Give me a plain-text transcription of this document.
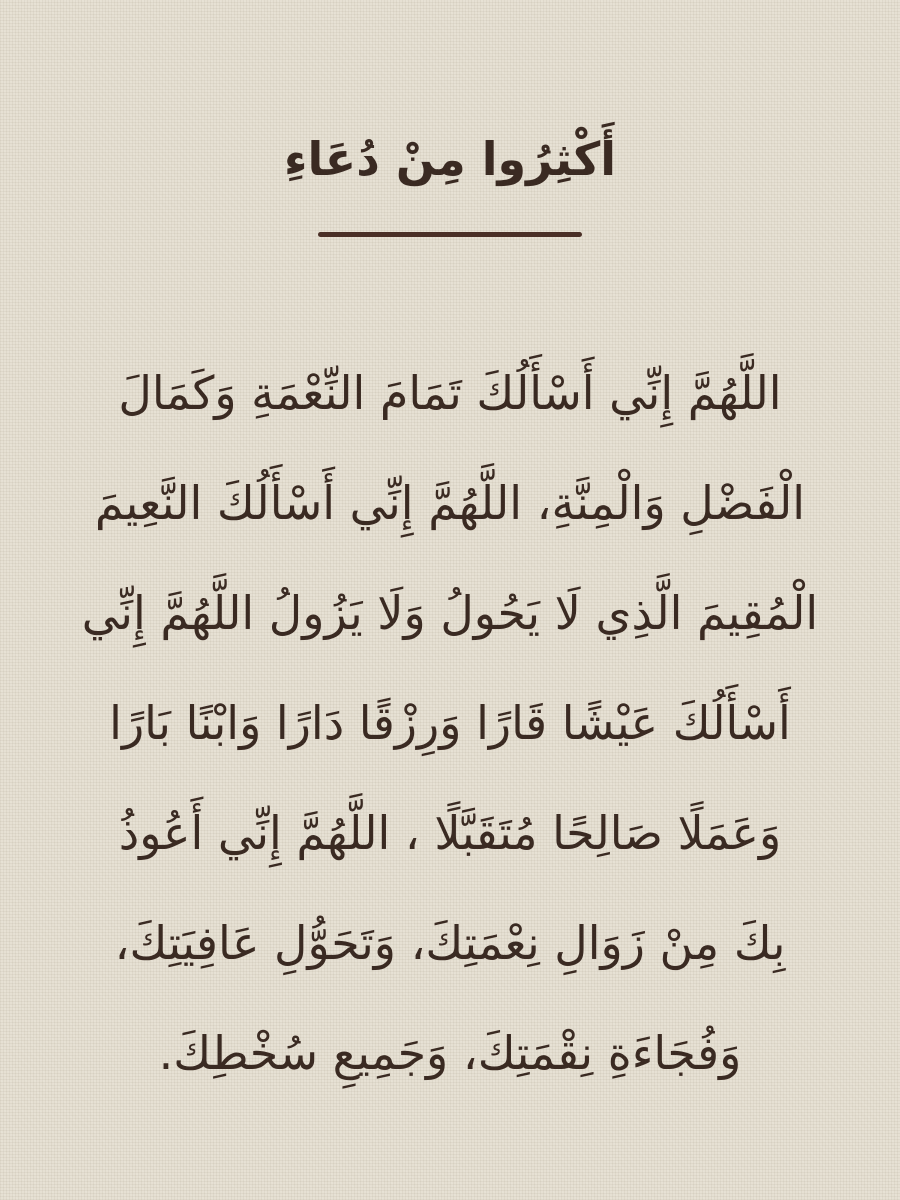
أَكْثِرُوا مِنْ دُعَاءِ
اللَّهُمَّ إِنِّي أَسْأَلُكَ تَمَامَ النِّعْمَةِ وَكَمَالَ
الْفَضْلِ وَالْمِنَّةِ، اللَّهُمَّ إِنِّي أَسْأَلُكَ النَّعِيمَ
الْمُقِيمَ الَّذِي لَا يَحُولُ وَلَا يَزُولُ اللَّهُمَّ إِنِّي
أَسْأَلُكَ عَيْشًا قَارًا وَرِزْقًا دَارًا وَابْنًا بَارًا
وَعَمَلًا صَالِحًا مُتَقَبَّلًا ، اللَّهُمَّ إِنِّي أَعُوذُ
بِكَ مِنْ زَوَالِ نِعْمَتِكَ، وَتَحَوُّلِ عَافِيَتِكَ،
وَفُجَاءَةِ نِقْمَتِكَ، وَجَمِيعِ سُخْطِكَ.
